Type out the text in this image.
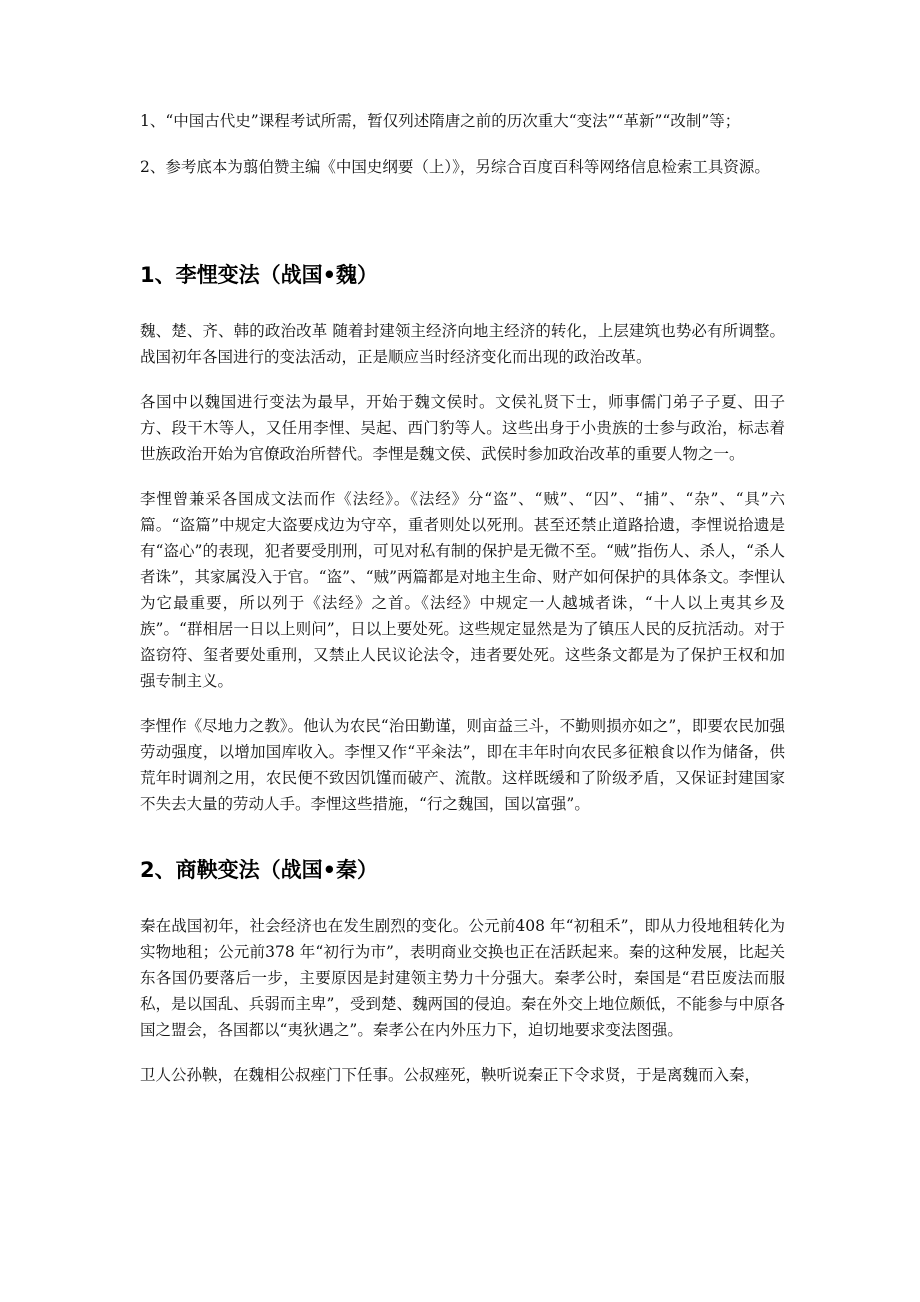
1、“中国古代史”课程考试所需，暂仅列述隋唐之前的历次重大“变法”“革新”“改制”等；

2、参考底本为翦伯赞主编《中国史纲要（上）》，另综合百度百科等网络信息检索工具资源。

1、李悝变法（战国•魏）

魏、楚、齐、韩的政治改革 随着封建领主经济向地主经济的转化，上层建筑也势必有所调整。战国初年各国进行的变法活动，正是顺应当时经济变化而出现的政治改革。

各国中以魏国进行变法为最早，开始于魏文侯时。文侯礼贤下士，师事儒门弟子子夏、田子方、段干木等人，又任用李悝、吴起、西门豹等人。这些出身于小贵族的士参与政治，标志着世族政治开始为官僚政治所替代。李悝是魏文侯、武侯时参加政治改革的重要人物之一。

李悝曾兼采各国成文法而作《法经》。《法经》分“盗”、“贼”、“囚”、“捕”、“杂”、“具”六篇。“盗篇”中规定大盗要戍边为守卒，重者则处以死刑。甚至还禁止道路拾遗，李悝说拾遗是有“盗心”的表现，犯者要受刖刑，可见对私有制的保护是无微不至。“贼”指伤人、杀人，“杀人者诛”，其家属没入于官。“盗”、“贼”两篇都是对地主生命、财产如何保护的具体条文。李悝认为它最重要，所以列于《法经》之首。《法经》中规定一人越城者诛，“十人以上夷其乡及族”。“群相居一日以上则问”，日以上要处死。这些规定显然是为了镇压人民的反抗活动。对于盗窃符、玺者要处重刑，又禁止人民议论法令，违者要处死。这些条文都是为了保护王权和加强专制主义。

李悝作《尽地力之教》。他认为农民“治田勤谨，则亩益三斗，不勤则损亦如之”，即要农民加强劳动强度，以增加国库收入。李悝又作“平籴法”，即在丰年时向农民多征粮食以作为储备，供荒年时调剂之用，农民便不致因饥馑而破产、流散。这样既缓和了阶级矛盾，又保证封建国家不失去大量的劳动人手。李悝这些措施，“行之魏国，国以富强”。

2、商鞅变法（战国•秦）

秦在战国初年，社会经济也在发生剧烈的变化。公元前408 年“初租禾”，即从力役地租转化为实物地租；公元前378 年“初行为市”，表明商业交换也正在活跃起来。秦的这种发展，比起关东各国仍要落后一步，主要原因是封建领主势力十分强大。秦孝公时，秦国是“君臣废法而服私，是以国乱、兵弱而主卑”，受到楚、魏两国的侵迫。秦在外交上地位颇低，不能参与中原各国之盟会，各国都以“夷狄遇之”。秦孝公在内外压力下，迫切地要求变法图强。

卫人公孙鞅，在魏相公叔痤门下任事。公叔痤死，鞅听说秦正下令求贤，于是离魏而入秦，
